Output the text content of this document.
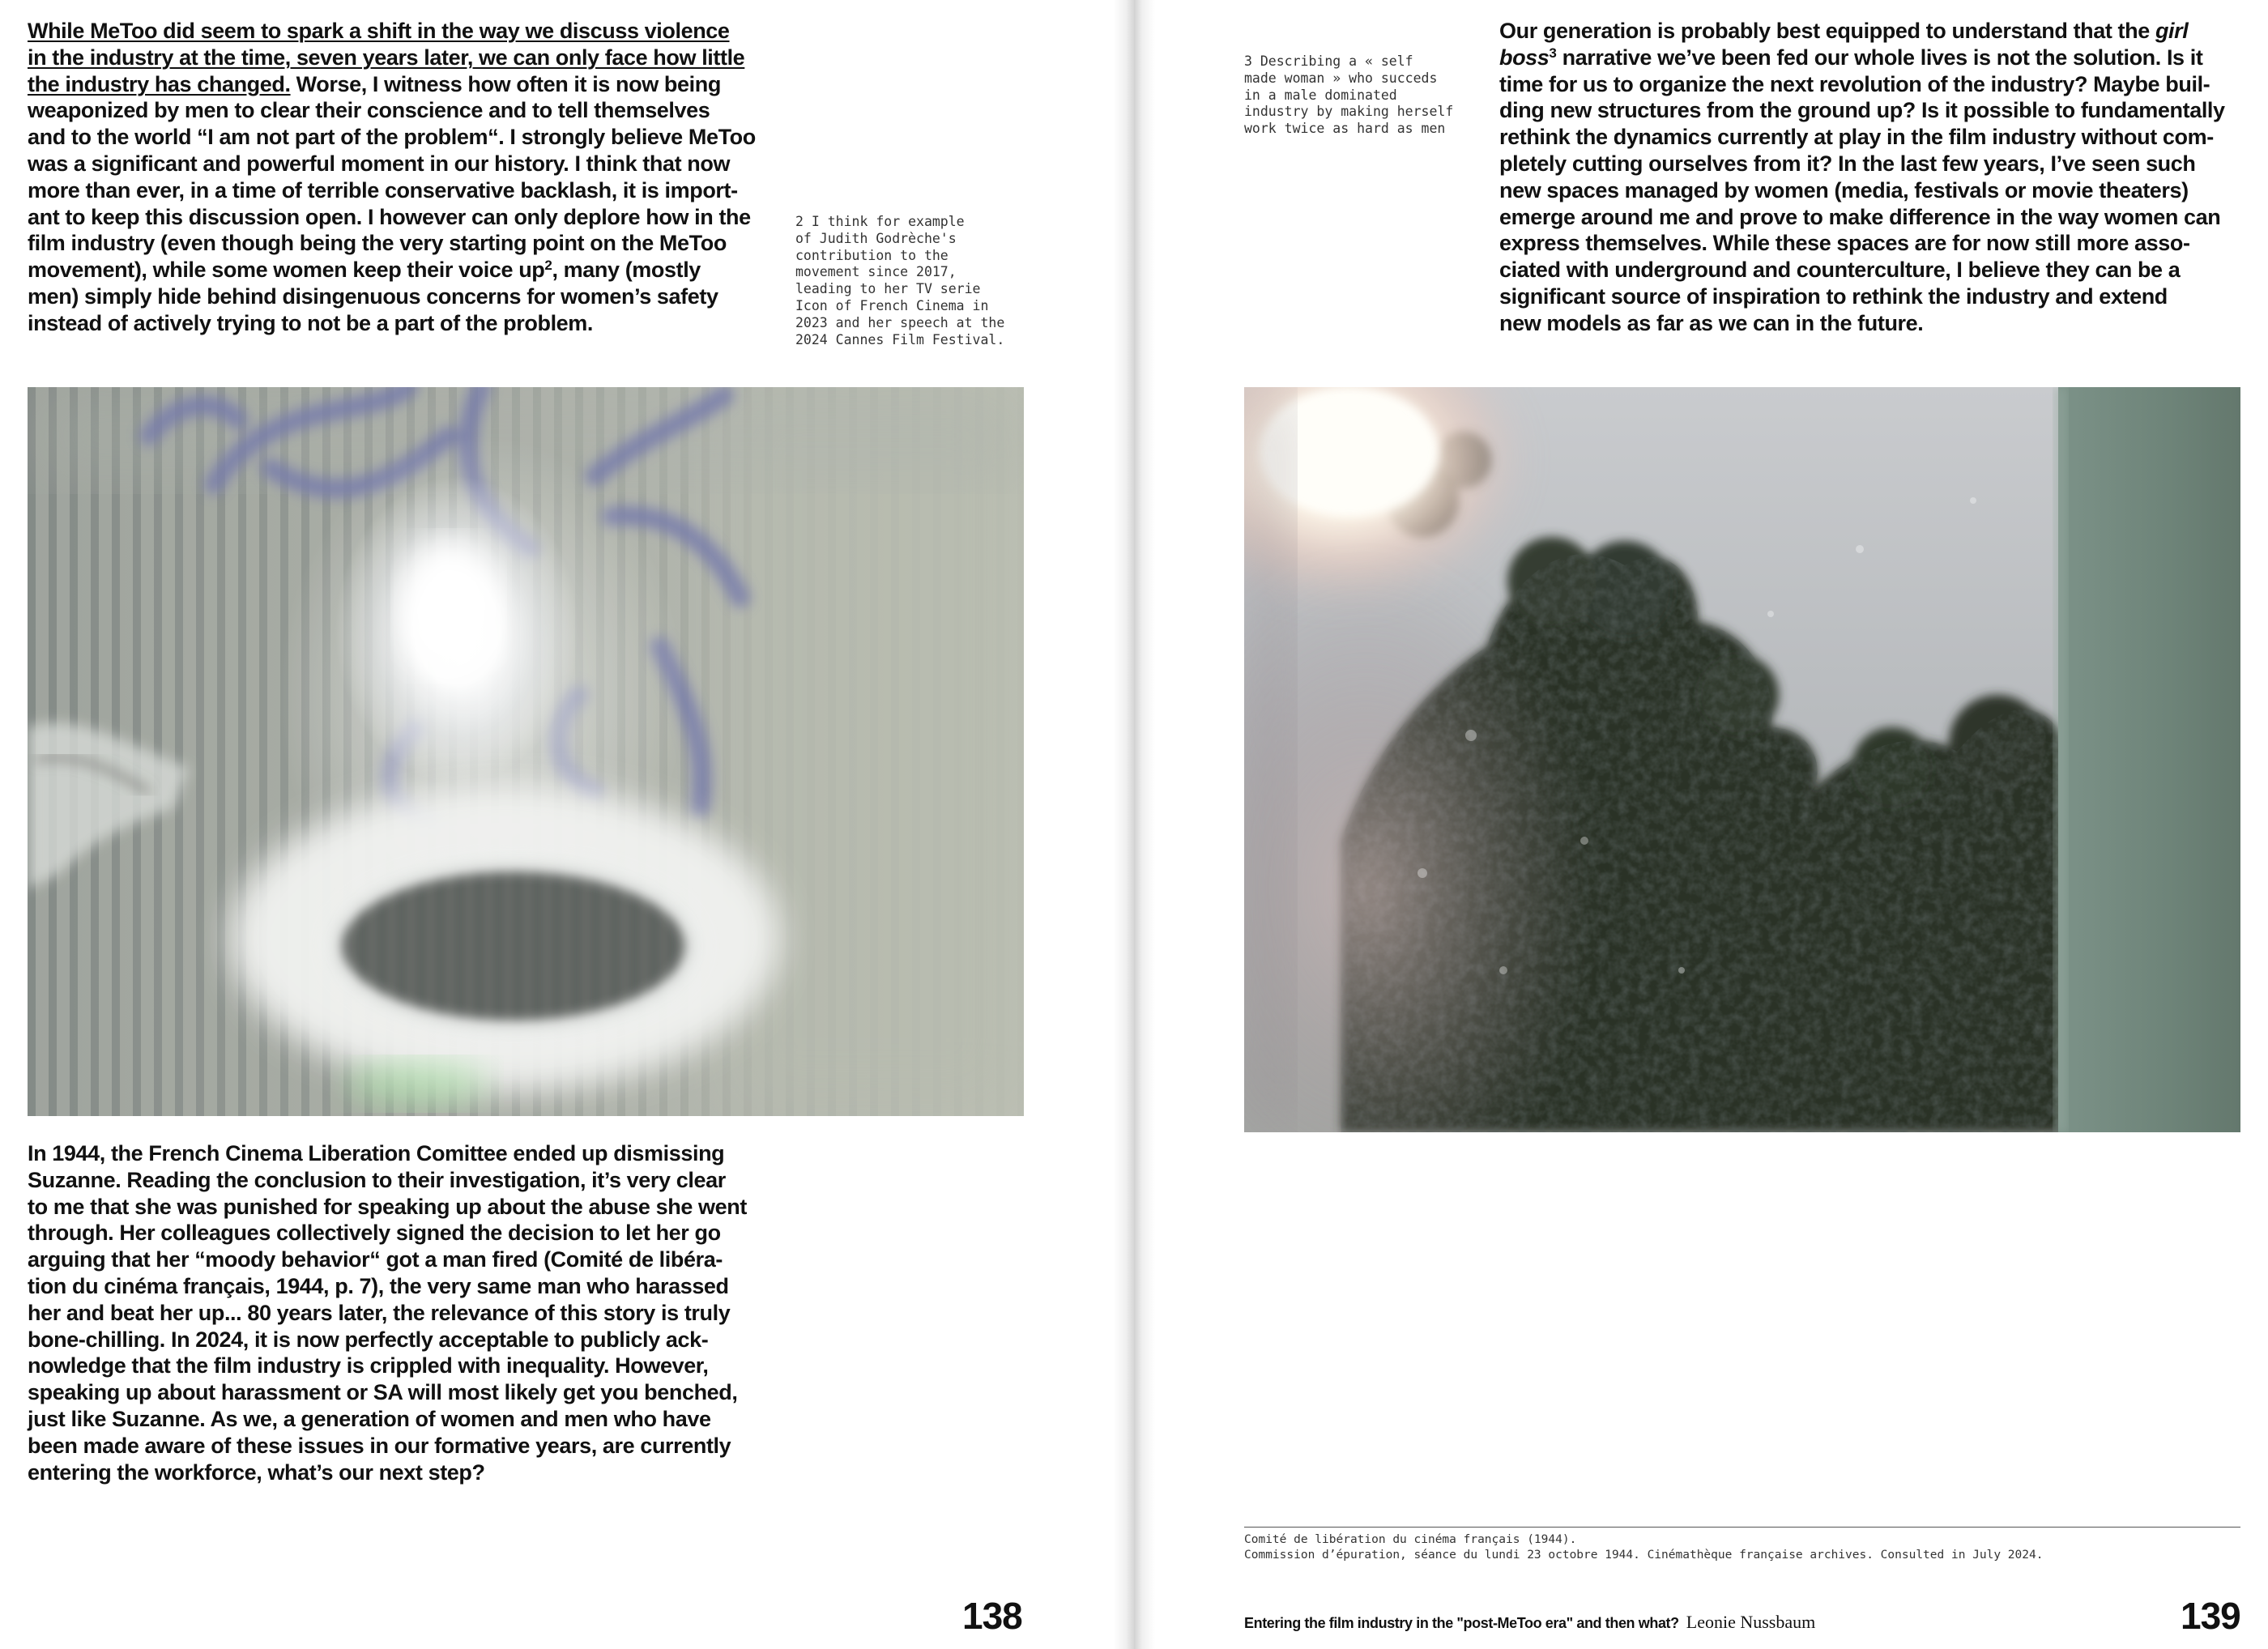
While MeToo did seem to spark a shift in the way we discuss violence
in the industry at the time, seven years later, we can only face how little
the industry has changed. Worse, I witness how often it is now being
weaponized by men to clear their conscience and to tell themselves
and to the world “I am not part of the problem“. I strongly believe MeToo
was a significant and powerful moment in our history. I think that now
more than ever, in a time of terrible conservative backlash, it is import-
ant to keep this discussion open. I however can only deplore how in the
film industry (even though being the very starting point on the MeToo
movement), while some women keep their voice $up^2$, many (mostly
men) simply hide behind disingenuous concerns for women’s safety
instead of actively trying to not be a part of the problem.

2 I think for example
of Judith Godrèche's
contribution to the
movement since 2017,
leading to her TV serie
Icon of French Cinema in
2023 and her speech at the
2024 Cannes Film Festival.

In 1944, the French Cinema Liberation Comittee ended up dismissing
Suzanne. Reading the conclusion to their investigation, it’s very clear
to me that she was punished for speaking up about the abuse she went
through. Her colleagues collectively signed the decision to let her go
arguing that her “moody behavior“ got a man fired (Comité de libéra-
tion du cinéma français, 1944, p. 7), the very same man who harassed
her and beat her up... 80 years later, the relevance of this story is truly
bone-chilling. In 2024, it is now perfectly acceptable to publicly ack-
nowledge that the film industry is crippled with inequality. However,
speaking up about harassment or SA will most likely get you benched,
just like Suzanne. As we, a generation of women and men who have
been made aware of these issues in our formative years, are currently
entering the workforce, what’s our next step?

138

3 Describing a « self
made woman » who succeds
in a male dominated
industry by making herself
work twice as hard as men

Our generation is probably best equipped to understand that the girl
boss$^3$ narrative we’ve been fed our whole lives is not the solution. Is it
time for us to organize the next revolution of the industry? Maybe buil-
ding new structures from the ground up? Is it possible to fundamentally
rethink the dynamics currently at play in the film industry without com-
pletely cutting ourselves from it? In the last few years, I’ve seen such
new spaces managed by women (media, festivals or movie theaters)
emerge around me and prove to make difference in the way women can
express themselves. While these spaces are for now still more asso-
ciated with underground and counterculture, I believe they can be a
significant source of inspiration to rethink the industry and extend
new models as far as we can in the future.

Comité de libération du cinéma français (1944).
Commission d’épuration, séance du lundi 23 octobre 1944. Cinémathèque française archives. Consulted in July 2024.

Entering the film industry in the "post-MeToo era" and then what? Leonie Nussbaum	139
